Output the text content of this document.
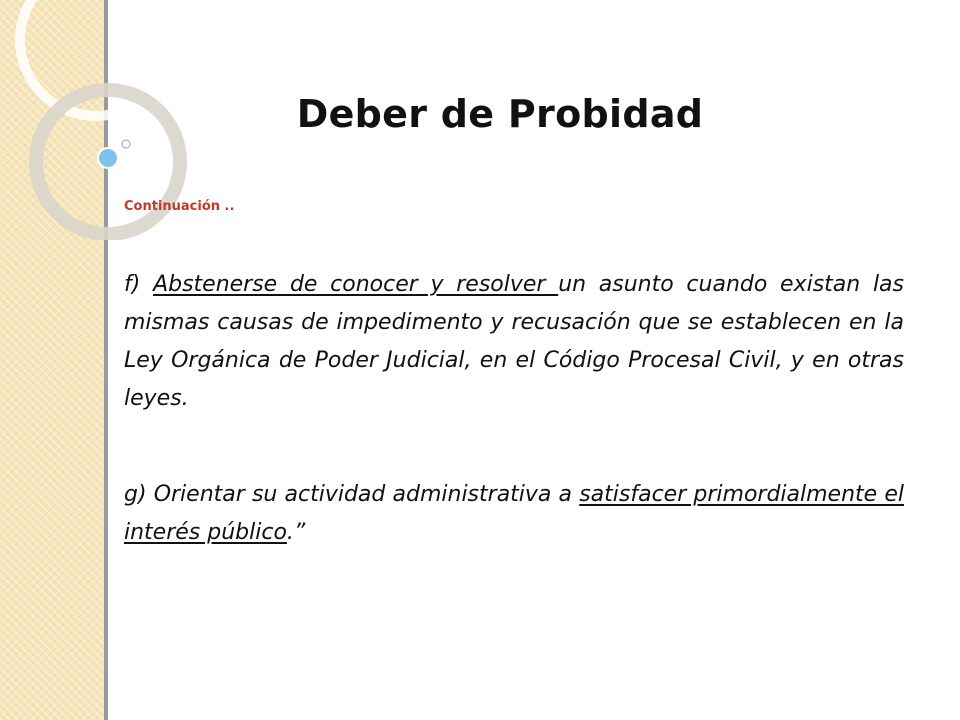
Deber de Probidad
Continuación ..
f) Abstenerse de conocer y resolver un asunto cuando existan las mismas causas de impedimento y recusación que se establecen en la Ley Orgánica de Poder Judicial, en el Código Procesal Civil, y en otras leyes.
g) Orientar su actividad administrativa a satisfacer primordialmente el interés público.”
